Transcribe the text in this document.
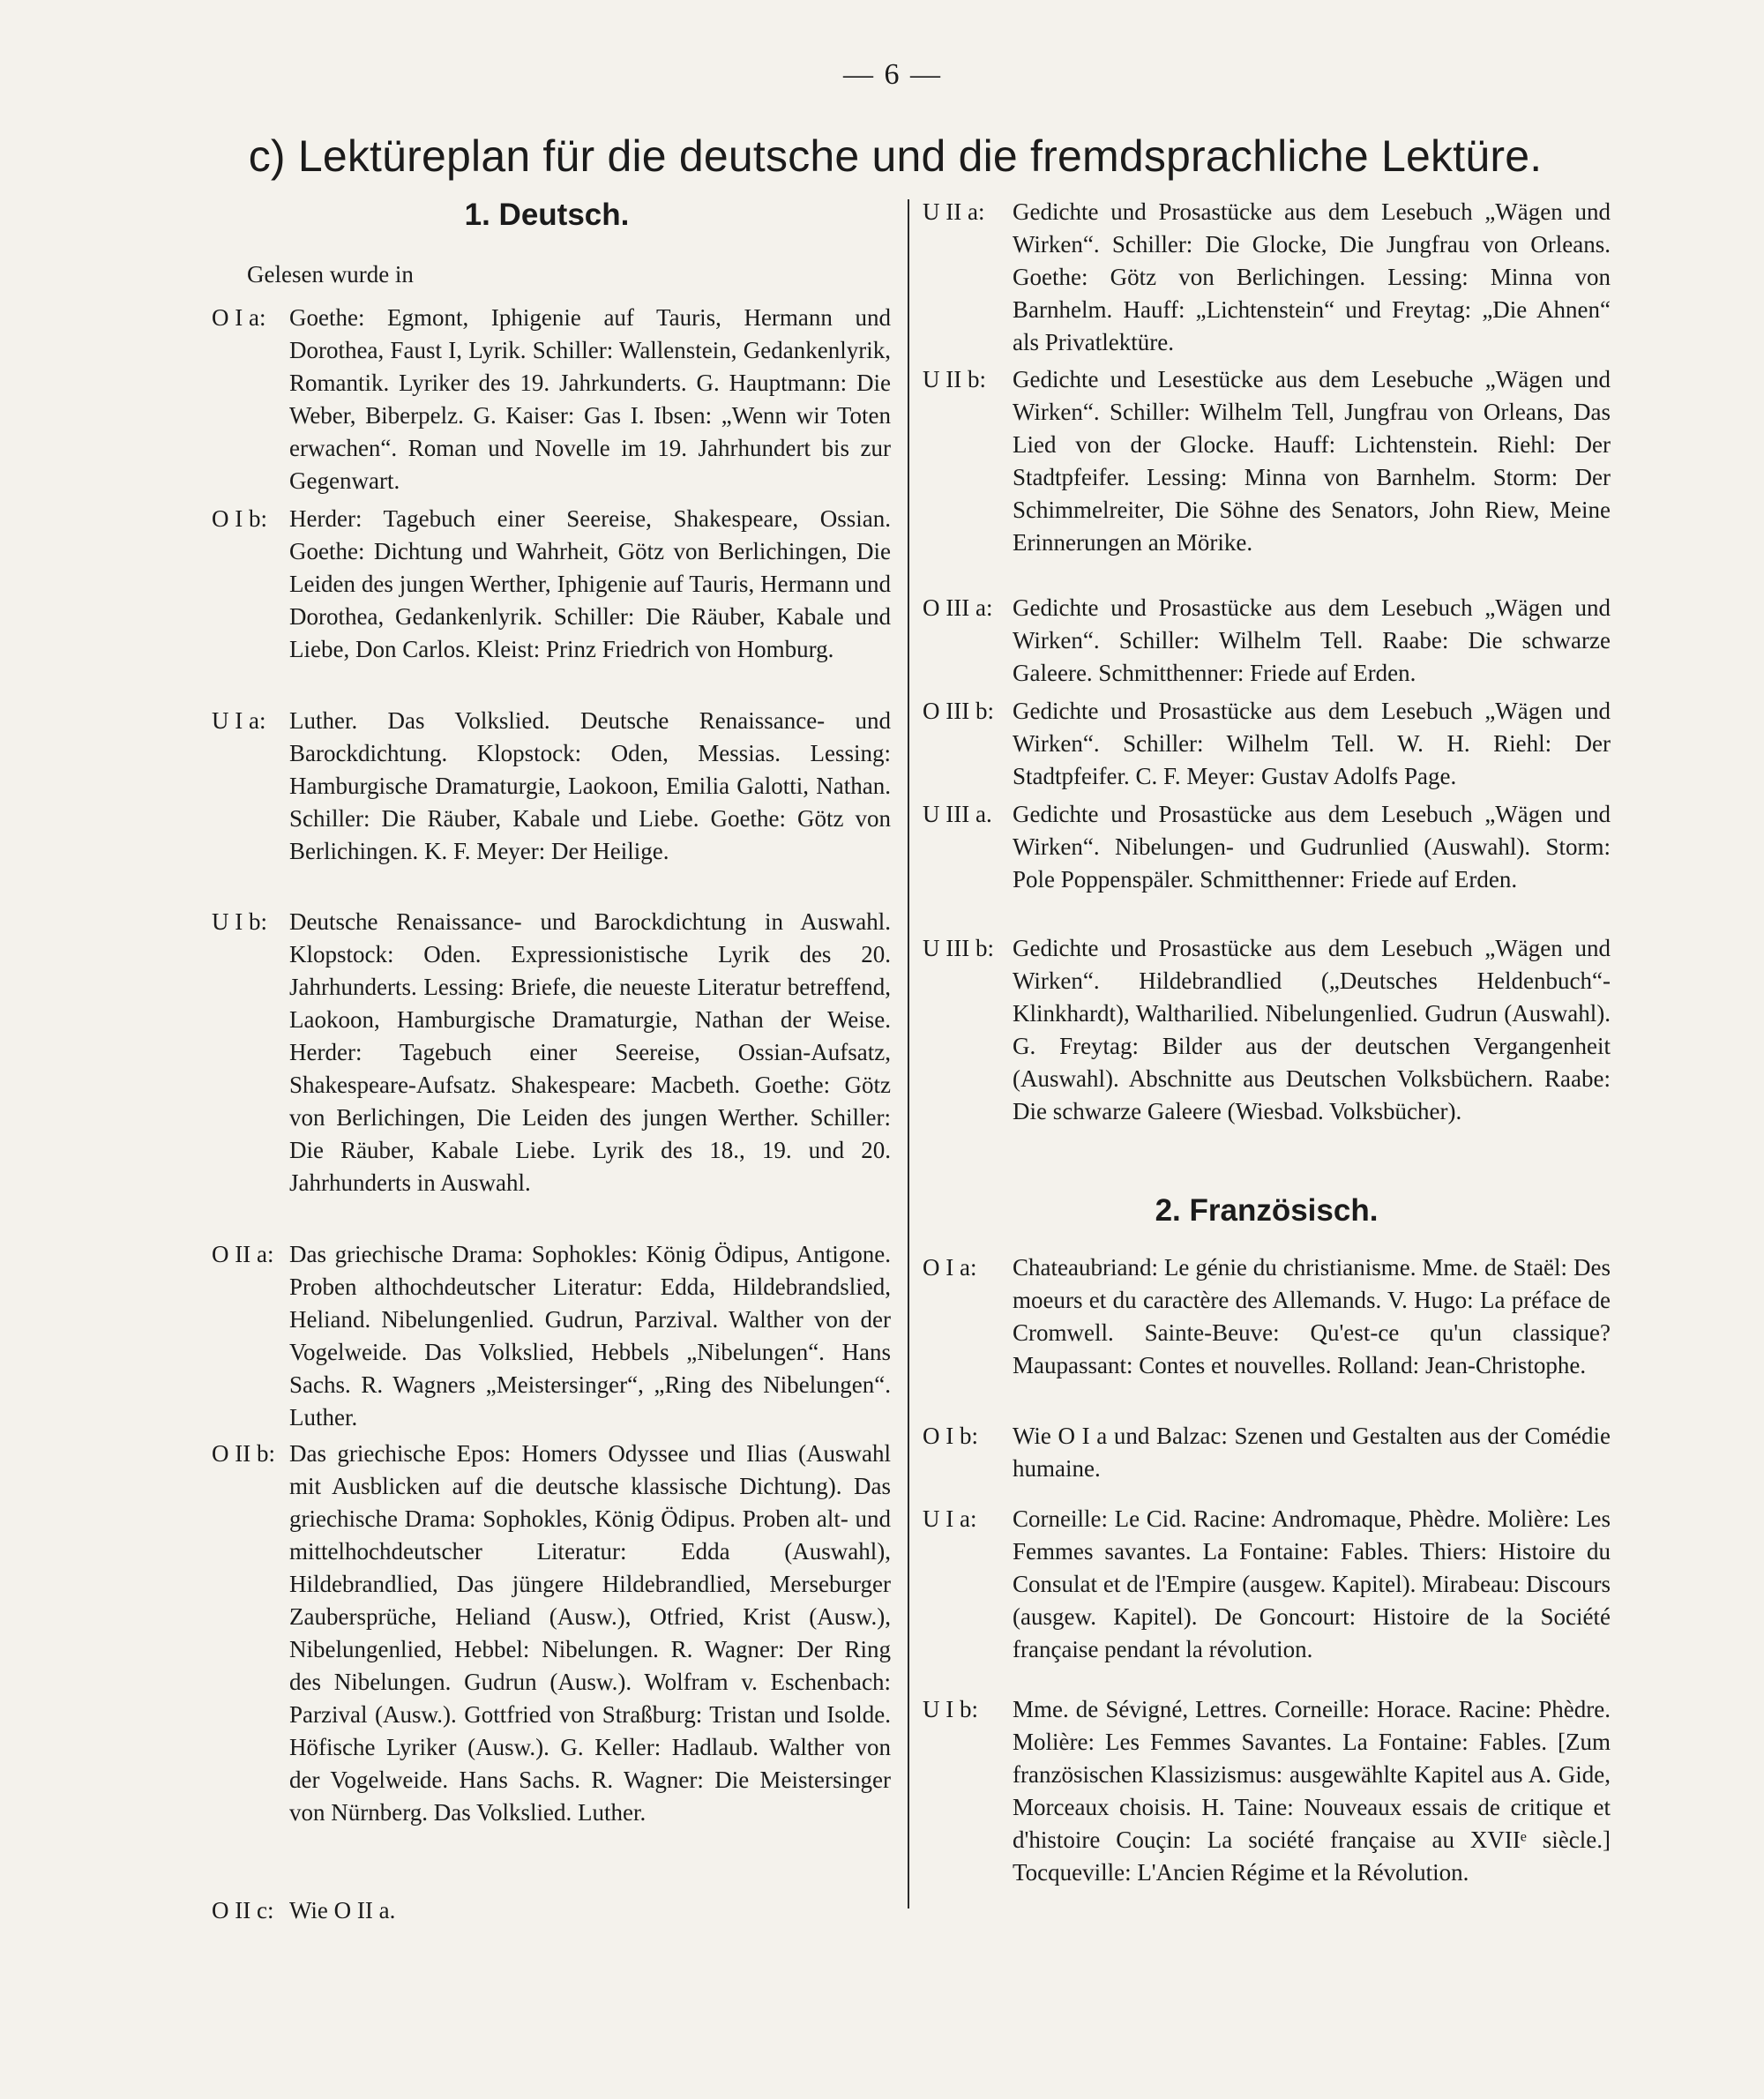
— 6 —
c) Lektüreplan für die deutsche und die fremdsprachliche Lektüre.
1. Deutsch.

Gelesen wurde in

O I a: Goethe: Egmont, Iphigenie auf Tauris, Hermann und Dorothea, Faust I, Lyrik. Schiller: Wallenstein, Gedankenlyrik, Romantik. Lyriker des 19. Jahrkunderts. G. Hauptmann: Die Weber, Biberpelz. G. Kaiser: Gas I. Ibsen: „Wenn wir Toten erwachen“. Roman und Novelle im 19. Jahrhundert bis zur Gegenwart.
O I b: Herder: Tagebuch einer Seereise, Shakespeare, Ossian. Goethe: Dichtung und Wahrheit, Götz von Berlichingen, Die Leiden des jungen Werther, Iphigenie auf Tauris, Hermann und Dorothea, Gedankenlyrik. Schiller: Die Räuber, Kabale und Liebe, Don Carlos. Kleist: Prinz Friedrich von Homburg.
U I a: Luther. Das Volkslied. Deutsche Renaissance- und Barockdichtung. Klopstock: Oden, Messias. Lessing: Hamburgische Dramaturgie, Laokoon, Emilia Galotti, Nathan. Schiller: Die Räuber, Kabale und Liebe. Goethe: Götz von Berlichingen. K. F. Meyer: Der Heilige.
U I b: Deutsche Renaissance- und Barockdichtung in Auswahl. Klopstock: Oden. Expressionistische Lyrik des 20. Jahrhunderts. Lessing: Briefe, die neueste Literatur betreffend, Laokoon, Hamburgische Dramaturgie, Nathan der Weise. Herder: Tagebuch einer Seereise, Ossian-Aufsatz, Shakespeare-Aufsatz. Shakespeare: Macbeth. Goethe: Götz von Berlichingen, Die Leiden des jungen Werther. Schiller: Die Räuber, Kabale Liebe. Lyrik des 18., 19. und 20. Jahrhunderts in Auswahl.
O II a: Das griechische Drama: Sophokles: König Ödipus, Antigone. Proben althochdeutscher Literatur: Edda, Hildebrandslied, Heliand. Nibelungenlied. Gudrun, Parzival. Walther von der Vogelweide. Das Volkslied, Hebbels „Nibelungen“. Hans Sachs. R. Wagners „Meistersinger“, „Ring des Nibelungen“. Luther.
O II b: Das griechische Epos: Homers Odyssee und Ilias (Auswahl mit Ausblicken auf die deutsche klassische Dichtung). Das griechische Drama: Sophokles, König Ödipus. Proben alt- und mittelhochdeutscher Literatur: Edda (Auswahl), Hildebrandlied, Das jüngere Hildebrandlied, Merseburger Zaubersprüche, Heliand (Ausw.), Otfried, Krist (Ausw.), Nibelungenlied, Hebbel: Nibelungen. R. Wagner: Der Ring des Nibelungen. Gudrun (Ausw.). Wolfram v. Eschenbach: Parzival (Ausw.). Gottfried von Straßburg: Tristan und Isolde. Höfische Lyriker (Ausw.). G. Keller: Hadlaub. Walther von der Vogelweide. Hans Sachs. R. Wagner: Die Meistersinger von Nürnberg. Das Volkslied. Luther.
O II c: Wie O II a.
U II a:	Gedichte und Prosastücke aus dem Lesebuch „Wägen und Wirken“. Schiller: Die Glocke, Die Jungfrau von Orleans. Goethe: Götz von Berlichingen. Lessing: Minna von Barnhelm. Hauff: „Lichtenstein“ und Freytag: „Die Ahnen“ als Privatlektüre.
U II b:	Gedichte und Lesestücke aus dem Lesebuche „Wägen und Wirken“. Schiller: Wilhelm Tell, Jungfrau von Orleans, Das Lied von der Glocke. Hauff: Lichtenstein. Riehl: Der Stadtpfeifer. Lessing: Minna von Barnhelm. Storm: Der Schimmelreiter, Die Söhne des Senators, John Riew, Meine Erinnerungen an Mörike.
O III a: Gedichte und Prosastücke aus dem Lesebuch „Wägen und Wirken“. Schiller: Wilhelm Tell. Raabe: Die schwarze Galeere. Schmitthenner: Friede auf Erden.
O III b: Gedichte und Prosastücke aus dem Lesebuch „Wägen und Wirken“. Schiller: Wilhelm Tell. W. H. Riehl: Der Stadtpfeifer. C. F. Meyer: Gustav Adolfs Page.
U III a. Gedichte und Prosastücke aus dem Lesebuch „Wägen und Wirken“. Nibelungen- und Gudrunlied (Auswahl). Storm: Pole Poppenspäler. Schmitthenner: Friede auf Erden.
U III b: Gedichte und Prosastücke aus dem Lesebuch „Wägen und Wirken“. Hildebrandlied („Deutsches Heldenbuch“-Klinkhardt), Waltharilied. Nibelungenlied. Gudrun (Auswahl). G. Freytag: Bilder aus der deutschen Vergangenheit (Auswahl). Abschnitte aus Deutschen Volksbüchern. Raabe: Die schwarze Galeere (Wiesbad. Volksbücher).
2. Französisch.
O I a:	Chateaubriand: Le génie du christianisme. Mme. de Staël: Des moeurs et du caractère des Allemands. V. Hugo: La préface de Cromwell. Sainte-Beuve: Qu'est-ce qu'un classique? Maupassant: Contes et nouvelles. Rolland: Jean-Christophe.
O I b:	Wie O I a und Balzac: Szenen und Gestalten aus der Comédie humaine.
U I a:	Corneille: Le Cid. Racine: Andromaque, Phèdre. Molière: Les Femmes savantes. La Fontaine: Fables. Thiers: Histoire du Consulat et de l'Empire (ausgew. Kapitel). Mirabeau: Discours (ausgew. Kapitel). De Goncourt: Histoire de la Société française pendant la révolution.
U I b:	Mme. de Sévigné, Lettres. Corneille: Horace. Racine: Phèdre. Molière: Les Femmes Savantes. La Fontaine: Fables. [Zum französischen Klassizismus: ausgewählte Kapitel aus A. Gide, Morceaux choisis. H. Taine: Nouveaux essais de critique et d'histoire Couçin: La société française au XVIIᵉ siècle.] Tocqueville: L'Ancien Régime et la Révolution.
